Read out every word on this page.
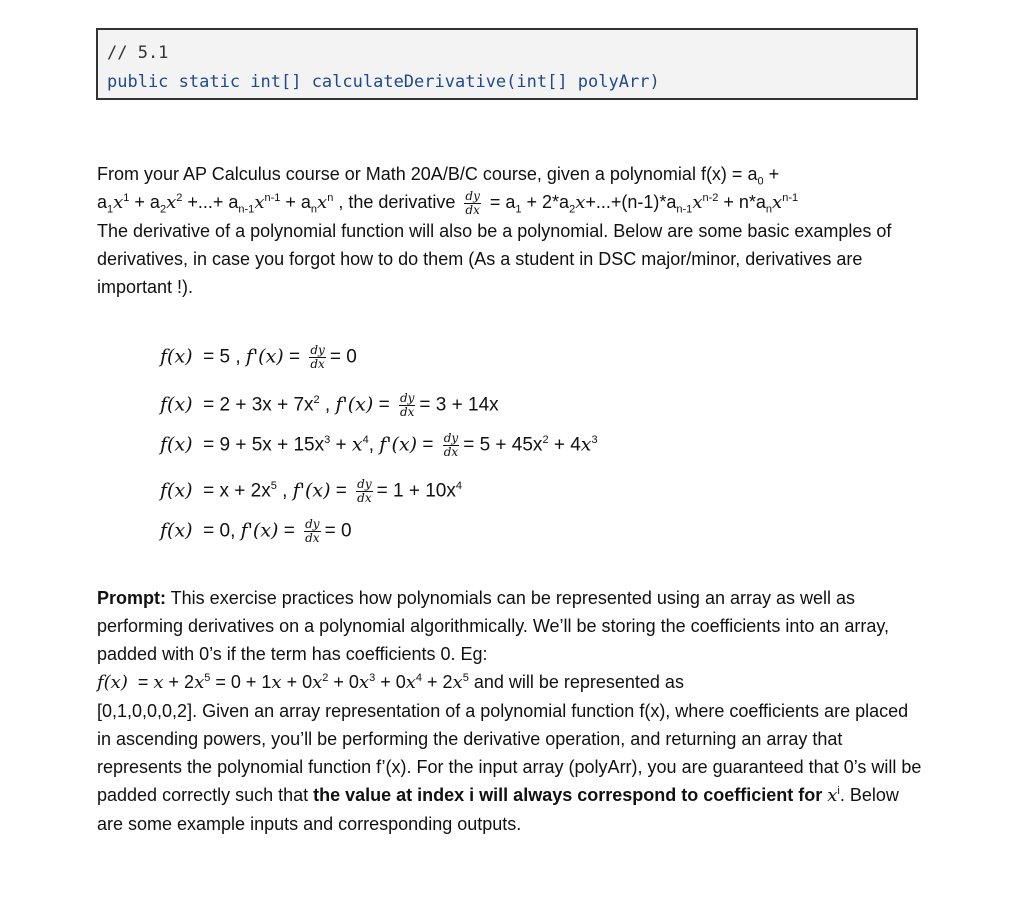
// 5.1
public static int[] calculateDerivative(int[] polyArr)
From your AP Calculus course or Math 20A/B/C course, given a polynomial $f(x) = a_0$ +
$a_1x^1 + a_2x^2$ +...+ $a_{n-1}x^{n-1} + a_nx^n$ , the derivative $\frac{dy}{dx} = a_1 + 2*a_2x+...+(n-1)*a_{n-1}x^{n-2} + n*a_nx^{n-1}$
The derivative of a polynomial function will also be a polynomial. Below are some basic examples of derivatives, in case you forgot how to do them (As a student in DSC major/minor, derivatives are important !).
f(x) = 5 , $f'(x) = \frac{dy}{dx} = 0$
$f(x) = 2 + 3x + 7x^2$ , $f'(x) = \frac{dy}{dx} = 3 + 14x$
$f(x) = 9 + 5x + 15x^3 + x^4$, $f'(x) = \frac{dy}{dx} = 5 + 45x^2 + 4x^3$
$f(x) = x + 2x^5$ , $f'(x) = \frac{dy}{dx} = 1 + 10x^4$
f(x) = 0, $f'(x) = \frac{dy}{dx} = 0$
Prompt: This exercise practices how polynomials can be represented using an array as well as performing derivatives on a polynomial algorithmically. We’ll be storing the coefficients into an array, padded with 0’s if the term has coefficients 0. Eg:
$f(x) = x + 2x^5 = 0 + 1x + 0x^2 + 0x^3 + 0x^4 + 2x^5$ and will be represented as
[0,1,0,0,0,2]. Given an array representation of a polynomial function f(x), where coefficients are placed in ascending powers, you’ll be performing the derivative operation, and returning an array that represents the polynomial function f’(x). For the input array (polyArr), you are guaranteed that 0’s will be padded correctly such that the value at index i will always correspond to coefficient for $x^i$. Below are some example inputs and corresponding outputs.
